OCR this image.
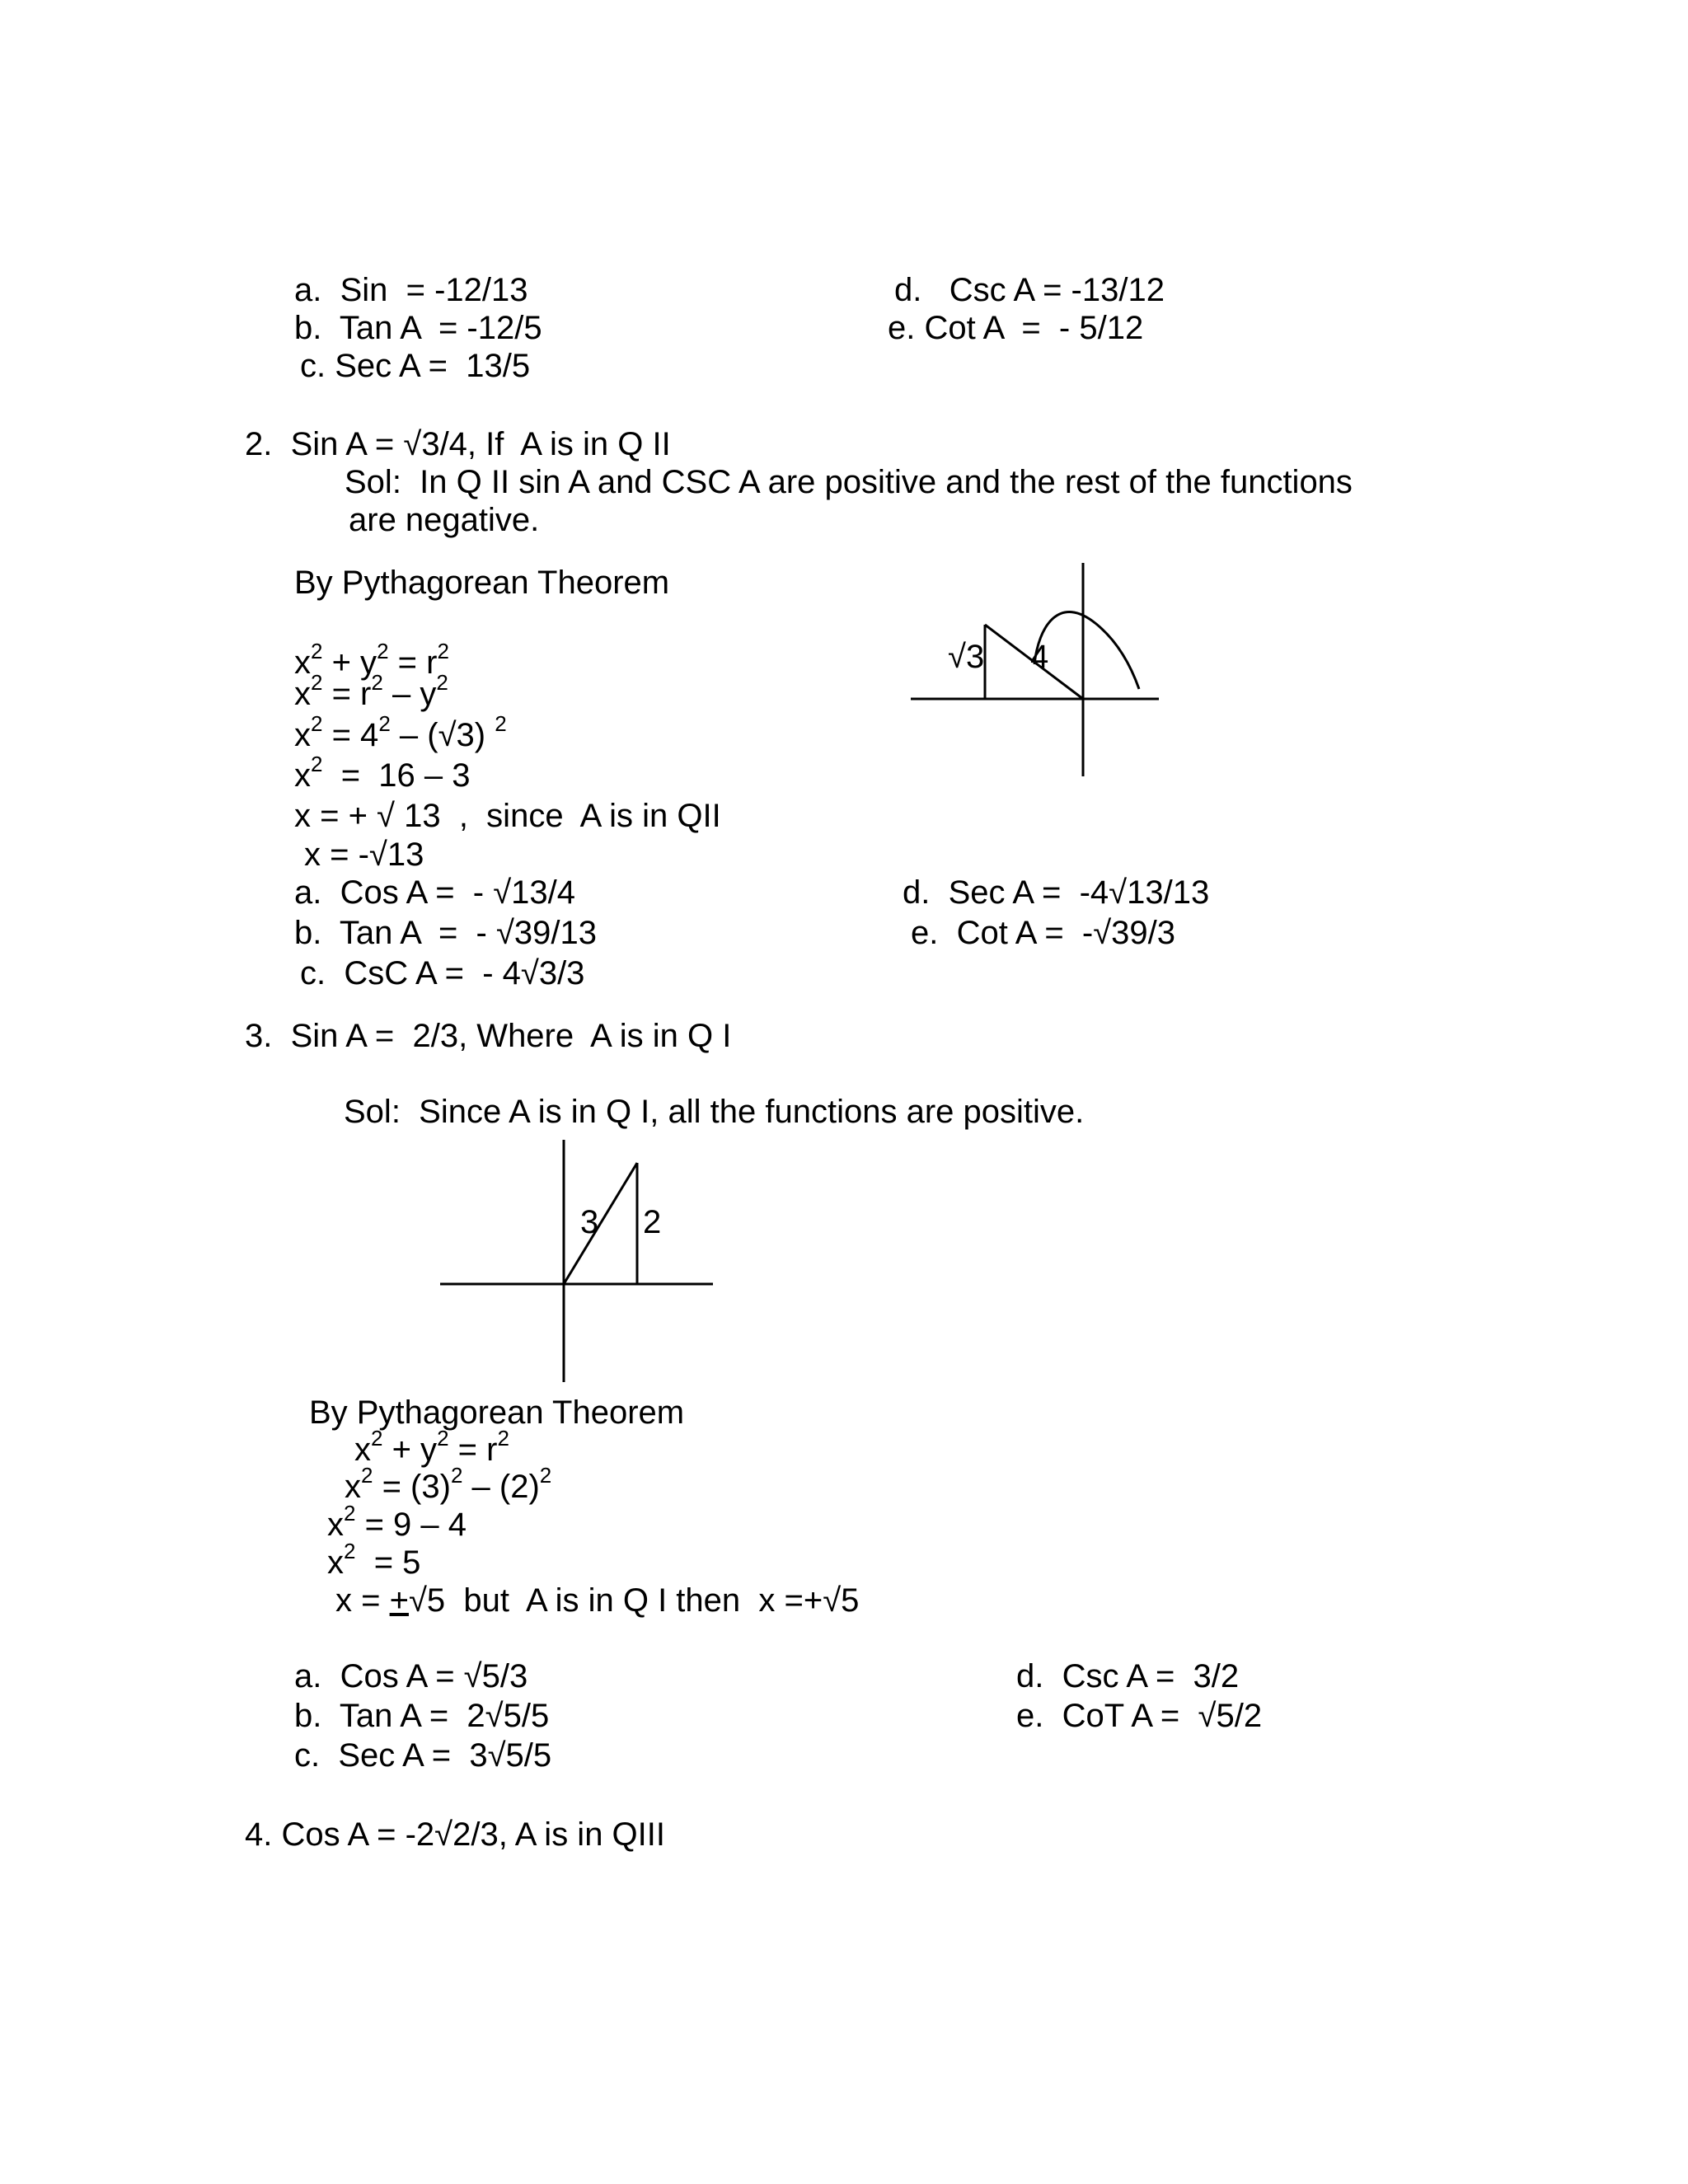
a.  Sin  = -12/13
b.  Tan A  = -12/5
c. Sec A =  13/5
d.   Csc A = -13/12
e. Cot A  =  - 5/12
2.  Sin A = √3/4, If  A is in Q II
Sol:  In Q II sin A and CSC A are positive and the rest of the functions
are negative.
By Pythagorean Theorem
$x^2 + y^2 = r^2$
$x^2 = r^2 - y^2$
$x^2 = 4^2 - (√3)$ $^2$
$x^2 = 16 - 3$
x = + √ 13  ,  since  A is in QII
x = -√13
√3 4
a.  Cos A =  - √13/4
b.  Tan A  =  - √39/13
c.  CsC A =  - 4√3/3
d.  Sec A =  -4√13/13
e.  Cot A =  -√39/3
3.  Sin A =  2/3, Where  A is in Q I
Sol:  Since A is in Q I, all the functions are positive.
3 2
By Pythagorean Theorem
$x^2 + y^2 = r^2$
$x^2 = (3)^2 - (2)^2$
$x^2 = 9 - 4$
$x^2 = 5$
x = +√5  but  A is in Q I then  x =+√5
a.  Cos A = √5/3
b.  Tan A =  2√5/5
c.  Sec A =  3√5/5
d.  Csc A =  3/2
e.  CoT A =  √5/2
4. Cos A = -2√2/3, A is in QIII
